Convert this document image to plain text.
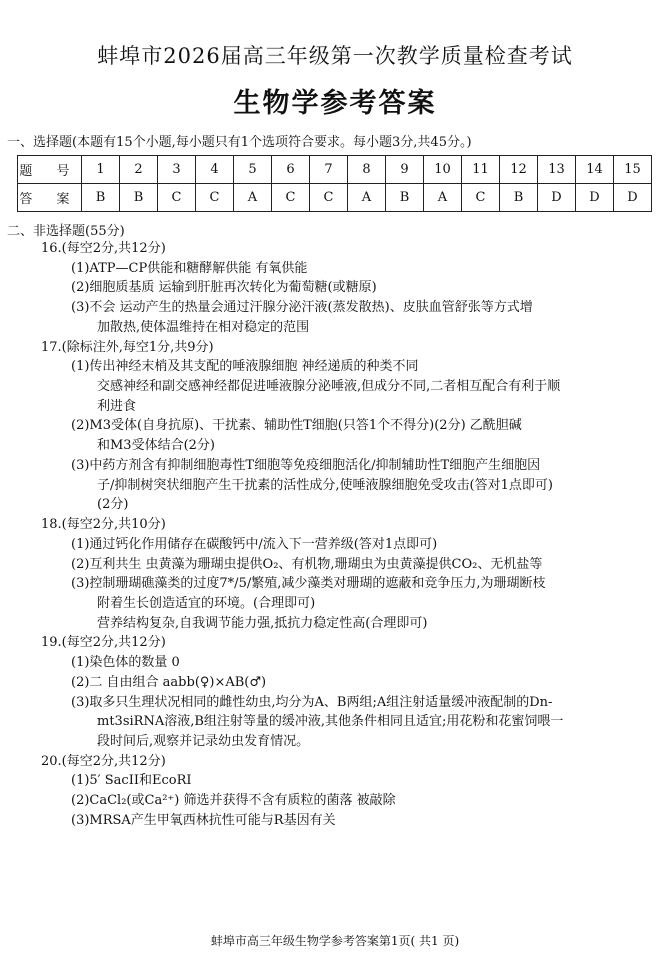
蚌埠市2026届高三年级第一次教学质量检查考试
生物学参考答案
一、选择题(本题有15个小题,每小题只有1个选项符合要求。每小题3分,共45分。)
题 号	1	2	3	4	5	6	7	8	9	10	11	12	13	14	15
答 案	B	B	C	C	A	C	C	A	B	A	C	B	D	D	D
二、非选择题(55分)
16.(每空2分,共12分)
(1)ATP—CP供能和糖酵解供能 有氧供能
(2)细胞质基质 运输到肝脏再次转化为葡萄糖(或糖原)
(3)不会 运动产生的热量会通过汗腺分泌汗液(蒸发散热)、皮肤血管舒张等方式增
加散热,使体温维持在相对稳定的范围
17.(除标注外,每空1分,共9分)
(1)传出神经末梢及其支配的唾液腺细胞 神经递质的种类不同
交感神经和副交感神经都促进唾液腺分泌唾液,但成分不同,二者相互配合有利于顺
利进食
(2)M3受体(自身抗原)、干扰素、辅助性T细胞(只答1个不得分)(2分) 乙酰胆碱
和M3受体结合(2分)
(3)中药方剂含有抑制细胞毒性T细胞等免疫细胞活化/抑制辅助性T细胞产生细胞因
子/抑制树突状细胞产生干扰素的活性成分,使唾液腺细胞免受攻击(答对1点即可)
(2分)
18.(每空2分,共10分)
(1)通过钙化作用储存在碳酸钙中/流入下一营养级(答对1点即可)
(2)互利共生 虫黄藻为珊瑚虫提供O₂、有机物,珊瑚虫为虫黄藻提供CO₂、无机盐等
(3)控制珊瑚礁藻类的过度7*/5/繁殖,减少藻类对珊瑚的遮蔽和竞争压力,为珊瑚断枝
附着生长创造适宜的环境。(合理即可)
营养结构复杂,自我调节能力强,抵抗力稳定性高(合理即可)
19.(每空2分,共12分)
(1)染色体的数量 0
(2)二 自由组合 aabb(♀)×AB(♂)
(3)取多只生理状况相同的雌性幼虫,均分为A、B两组;A组注射适量缓冲液配制的Dn-
mt3siRNA溶液,B组注射等量的缓冲液,其他条件相同且适宜;用花粉和花蜜饲喂一
段时间后,观察并记录幼虫发育情况。
20.(每空2分,共12分)
(1)5′ SacII和EcoRI
(2)CaCl₂(或Ca²⁺) 筛选并获得不含有质粒的菌落 被敲除
(3)MRSA产生甲氧西林抗性可能与R基因有关
蚌埠市高三年级生物学参考答案第1页( 共1 页)
